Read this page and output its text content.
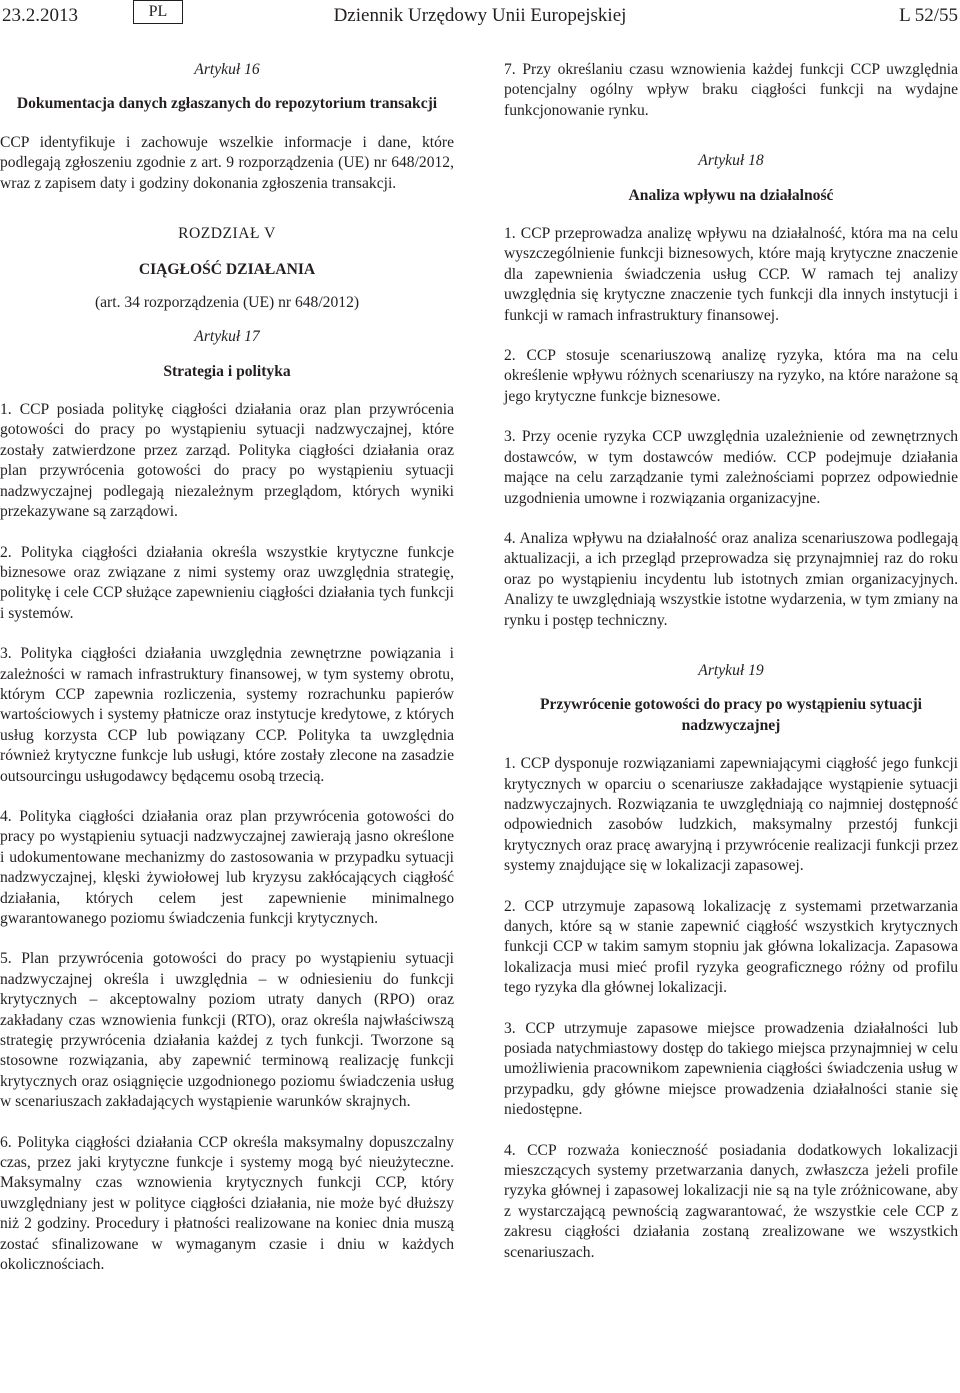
23.2.2013	PL	Dziennik Urzędowy Unii Europejskiej	L 52/55
Artykuł 16
Dokumentacja danych zgłaszanych do repozytorium transakcji

CCP identyfikuje i zachowuje wszelkie informacje i dane, które podlegają zgłoszeniu zgodnie z art. 9 rozporządzenia (UE) nr 648/2012, wraz z zapisem daty i godziny dokonania zgłoszenia transakcji.

ROZDZIAŁ V
CIĄGŁOŚĆ DZIAŁANIA
(art. 34 rozporządzenia (UE) nr 648/2012)
Artykuł 17
Strategia i polityka

1. CCP posiada politykę ciągłości działania oraz plan przywrócenia gotowości do pracy po wystąpieniu sytuacji nadzwyczajnej, które zostały zatwierdzone przez zarząd. Polityka ciągłości działania oraz plan przywrócenia gotowości do pracy po wystąpieniu sytuacji nadzwyczajnej podlegają niezależnym przeglądom, których wyniki przekazywane są zarządowi.

2. Polityka ciągłości działania określa wszystkie krytyczne funkcje biznesowe oraz związane z nimi systemy oraz uwzględnia strategię, politykę i cele CCP służące zapewnieniu ciągłości działania tych funkcji i systemów.

3. Polityka ciągłości działania uwzględnia zewnętrzne powiązania i zależności w ramach infrastruktury finansowej, w tym systemy obrotu, którym CCP zapewnia rozliczenia, systemy rozrachunku papierów wartościowych i systemy płatnicze oraz instytucje kredytowe, z których usług korzysta CCP lub powiązany CCP. Polityka ta uwzględnia również krytyczne funkcje lub usługi, które zostały zlecone na zasadzie outsourcingu usługodawcy będącemu osobą trzecią.

4. Polityka ciągłości działania oraz plan przywrócenia gotowości do pracy po wystąpieniu sytuacji nadzwyczajnej zawierają jasno określone i udokumentowane mechanizmy do zastosowania w przypadku sytuacji nadzwyczajnej, klęski żywiołowej lub kryzysu zakłócających ciągłość działania, których celem jest zapewnienie minimalnego gwarantowanego poziomu świadczenia funkcji krytycznych.

5. Plan przywrócenia gotowości do pracy po wystąpieniu sytuacji nadzwyczajnej określa i uwzględnia – w odniesieniu do funkcji krytycznych – akceptowalny poziom utraty danych (RPO) oraz zakładany czas wznowienia funkcji (RTO), oraz określa najwłaściwszą strategię przywrócenia działania każdej z tych funkcji. Tworzone są stosowne rozwiązania, aby zapewnić terminową realizację funkcji krytycznych oraz osiągnięcie uzgodnionego poziomu świadczenia usług w scenariuszach zakładających wystąpienie warunków skrajnych.

6. Polityka ciągłości działania CCP określa maksymalny dopuszczalny czas, przez jaki krytyczne funkcje i systemy mogą być nieużyteczne. Maksymalny czas wznowienia krytycznych funkcji CCP, który uwzględniany jest w polityce ciągłości działania, nie może być dłuższy niż 2 godziny. Procedury i płatności realizowane na koniec dnia muszą zostać sfinalizowane w wymaganym czasie i dniu w każdych okolicznościach.

7. Przy określaniu czasu wznowienia każdej funkcji CCP uwzględnia potencjalny ogólny wpływ braku ciągłości funkcji na wydajne funkcjonowanie rynku.

Artykuł 18
Analiza wpływu na działalność

1. CCP przeprowadza analizę wpływu na działalność, która ma na celu wyszczególnienie funkcji biznesowych, które mają krytyczne znaczenie dla zapewnienia świadczenia usług CCP. W ramach tej analizy uwzględnia się krytyczne znaczenie tych funkcji dla innych instytucji i funkcji w ramach infrastruktury finansowej.

2. CCP stosuje scenariuszową analizę ryzyka, która ma na celu określenie wpływu różnych scenariuszy na ryzyko, na które narażone są jego krytyczne funkcje biznesowe.

3. Przy ocenie ryzyka CCP uwzględnia uzależnienie od zewnętrznych dostawców, w tym dostawców mediów. CCP podejmuje działania mające na celu zarządzanie tymi zależnościami poprzez odpowiednie uzgodnienia umowne i rozwiązania organizacyjne.

4. Analiza wpływu na działalność oraz analiza scenariuszowa podlegają aktualizacji, a ich przegląd przeprowadza się przynajmniej raz do roku oraz po wystąpieniu incydentu lub istotnych zmian organizacyjnych. Analizy te uwzględniają wszystkie istotne wydarzenia, w tym zmiany na rynku i postęp techniczny.

Artykuł 19
Przywrócenie gotowości do pracy po wystąpieniu sytuacji nadzwyczajnej

1. CCP dysponuje rozwiązaniami zapewniającymi ciągłość jego funkcji krytycznych w oparciu o scenariusze zakładające wystąpienie sytuacji nadzwyczajnych. Rozwiązania te uwzględniają co najmniej dostępność odpowiednich zasobów ludzkich, maksymalny przestój funkcji krytycznych oraz pracę awaryjną i przywrócenie realizacji funkcji przez systemy znajdujące się w lokalizacji zapasowej.

2. CCP utrzymuje zapasową lokalizację z systemami przetwarzania danych, które są w stanie zapewnić ciągłość wszystkich krytycznych funkcji CCP w takim samym stopniu jak główna lokalizacja. Zapasowa lokalizacja musi mieć profil ryzyka geograficznego różny od profilu tego ryzyka dla głównej lokalizacji.

3. CCP utrzymuje zapasowe miejsce prowadzenia działalności lub posiada natychmiastowy dostęp do takiego miejsca przynajmniej w celu umożliwienia pracownikom zapewnienia ciągłości świadczenia usług w przypadku, gdy główne miejsce prowadzenia działalności stanie się niedostępne.

4. CCP rozważa konieczność posiadania dodatkowych lokalizacji mieszczących systemy przetwarzania danych, zwłaszcza jeżeli profile ryzyka głównej i zapasowej lokalizacji nie są na tyle zróżnicowane, aby z wystarczającą pewnością zagwarantować, że wszystkie cele CCP z zakresu ciągłości działania zostaną zrealizowane we wszystkich scenariuszach.
